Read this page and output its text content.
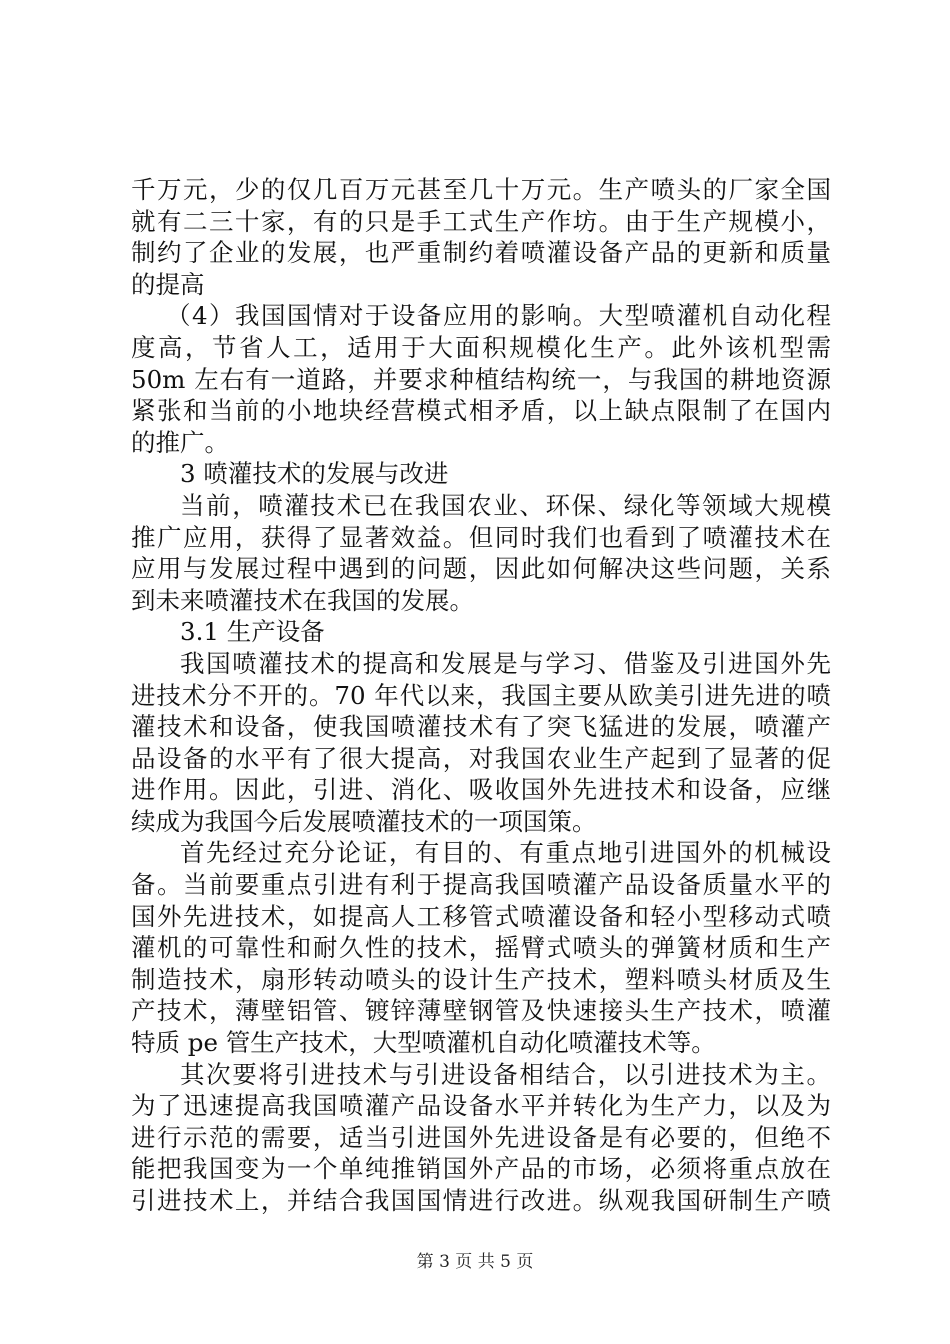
千万元，少的仅几百万元甚至几十万元。生产喷头的厂家全国
就有二三十家，有的只是手工式生产作坊。由于生产规模小，
制约了企业的发展，也严重制约着喷灌设备产品的更新和质量
的提高
（4）我国国情对于设备应用的影响。大型喷灌机自动化程
度高，节省人工，适用于大面积规模化生产。此外该机型需
50m 左右有一道路，并要求种植结构统一，与我国的耕地资源
紧张和当前的小地块经营模式相矛盾，以上缺点限制了在国内
的推广。
3 喷灌技术的发展与改进
当前，喷灌技术已在我国农业、环保、绿化等领域大规模
推广应用，获得了显著效益。但同时我们也看到了喷灌技术在
应用与发展过程中遇到的问题，因此如何解决这些问题，关系
到未来喷灌技术在我国的发展。
3.1 生产设备
我国喷灌技术的提高和发展是与学习、借鉴及引进国外先
进技术分不开的。70 年代以来，我国主要从欧美引进先进的喷
灌技术和设备，使我国喷灌技术有了突飞猛进的发展，喷灌产
品设备的水平有了很大提高，对我国农业生产起到了显著的促
进作用。因此，引进、消化、吸收国外先进技术和设备，应继
续成为我国今后发展喷灌技术的一项国策。
首先经过充分论证，有目的、有重点地引进国外的机械设
备。当前要重点引进有利于提高我国喷灌产品设备质量水平的
国外先进技术，如提高人工移管式喷灌设备和轻小型移动式喷
灌机的可靠性和耐久性的技术，摇臂式喷头的弹簧材质和生产
制造技术，扇形转动喷头的设计生产技术，塑料喷头材质及生
产技术，薄壁铝管、镀锌薄壁钢管及快速接头生产技术，喷灌
特质 pe 管生产技术，大型喷灌机自动化喷灌技术等。
其次要将引进技术与引进设备相结合，以引进技术为主。
为了迅速提高我国喷灌产品设备水平并转化为生产力，以及为
进行示范的需要，适当引进国外先进设备是有必要的，但绝不
能把我国变为一个单纯推销国外产品的市场，必须将重点放在
引进技术上，并结合我国国情进行改进。纵观我国研制生产喷
第 3 页 共 5 页
